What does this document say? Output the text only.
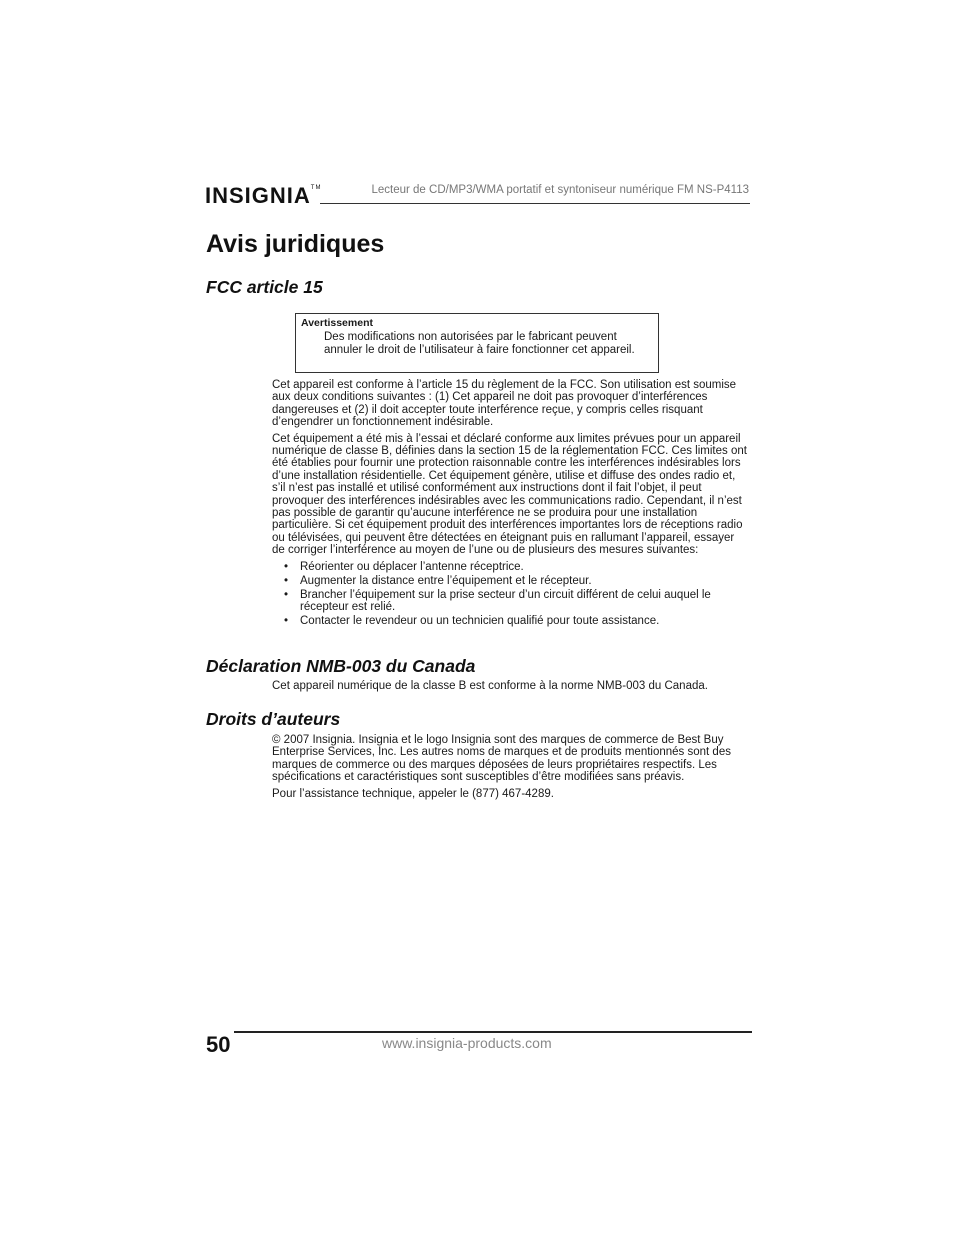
INSIGNIA™	Lecteur de CD/MP3/WMA portatif et syntoniseur numérique FM NS-P4113
Avis juridiques
FCC article 15
Avertissement
Des modifications non autorisées par le fabricant peuvent annuler le droit de l’utilisateur à faire fonctionner cet appareil.

Cet appareil est conforme à l’article 15 du règlement de la FCC. Son utilisation est soumise aux deux conditions suivantes : (1) Cet appareil ne doit pas provoquer d’interférences dangereuses et (2) il doit accepter toute interférence reçue, y compris celles risquant d’engendrer un fonctionnement indésirable.

Cet équipement a été mis à l’essai et déclaré conforme aux limites prévues pour un appareil numérique de classe B, définies dans la section 15 de la réglementation FCC. Ces limites ont été établies pour fournir une protection raisonnable contre les interférences indésirables lors d’une installation résidentielle. Cet équipement génère, utilise et diffuse des ondes radio et, s’il n’est pas installé et utilisé conformément aux instructions dont il fait l’objet, il peut provoquer des interférences indésirables avec les communications radio. Cependant, il n’est pas possible de garantir qu’aucune interférence ne se produira pour une installation particulière. Si cet équipement produit des interférences importantes lors de réceptions radio ou télévisées, qui peuvent être détectées en éteignant puis en rallumant l’appareil, essayer de corriger l’interférence au moyen de l’une ou de plusieurs des mesures suivantes:

• Réorienter ou déplacer l’antenne réceptrice.
• Augmenter la distance entre l’équipement et le récepteur.
• Brancher l’équipement sur la prise secteur d’un circuit différent de celui auquel le récepteur est relié.
• Contacter le revendeur ou un technicien qualifié pour toute assistance.
Déclaration NMB-003 du Canada

Cet appareil numérique de la classe B est conforme à la norme NMB-003 du Canada.

Droits d’auteurs

© 2007 Insignia. Insignia et le logo Insignia sont des marques de commerce de Best Buy Enterprise Services, Inc. Les autres noms de marques et de produits mentionnés sont des marques de commerce ou des marques déposées de leurs propriétaires respectifs. Les spécifications et caractéristiques sont susceptibles d’être modifiées sans préavis.

Pour l’assistance technique, appeler le (877) 467-4289.

50	www.insignia-products.com
